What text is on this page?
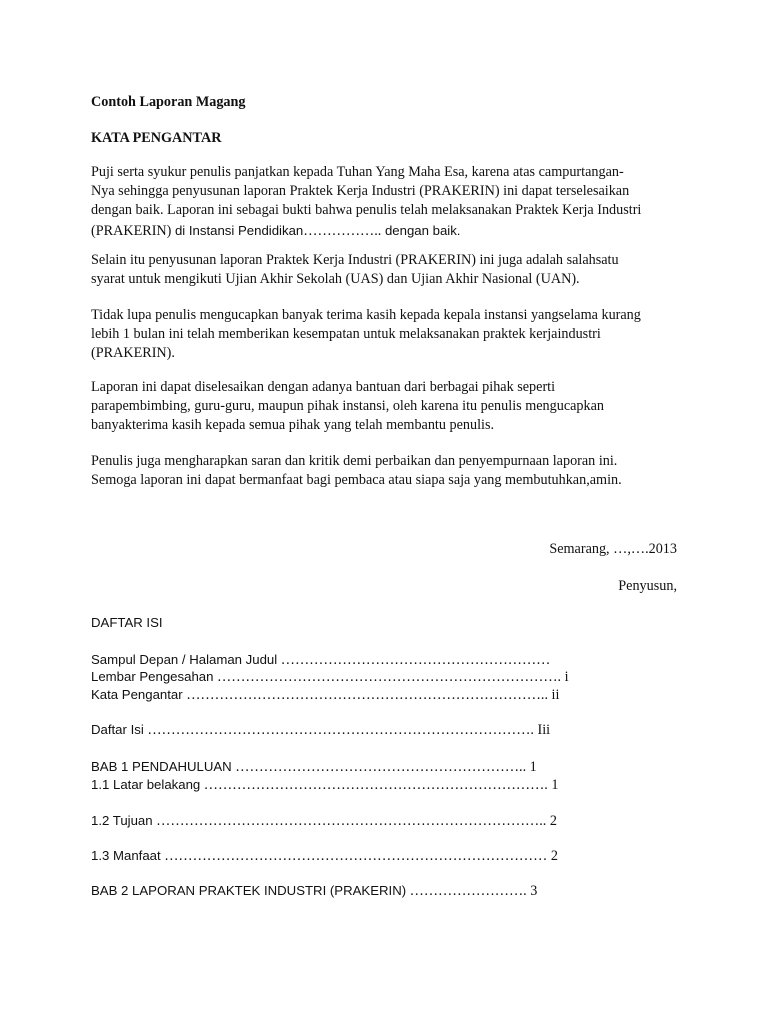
Contoh Laporan Magang
KATA PENGANTAR

Puji serta syukur penulis panjatkan kepada Tuhan Yang Maha Esa, karena atas campurtangan-
Nya sehingga penyusunan laporan Praktek Kerja Industri (PRAKERIN) ini dapat terselesaikan
dengan baik. Laporan ini sebagai bukti bahwa penulis telah melaksanakan Praktek Kerja Industri
(PRAKERIN) di Instansi Pendidikan…………….. dengan baik.

Selain itu penyusunan laporan Praktek Kerja Industri (PRAKERIN) ini juga adalah salahsatu
syarat untuk mengikuti Ujian Akhir Sekolah (UAS) dan Ujian Akhir Nasional (UAN).

Tidak lupa penulis mengucapkan banyak terima kasih kepada kepala instansi yangselama kurang
lebih 1 bulan ini telah memberikan kesempatan untuk melaksanakan praktek kerjaindustri
(PRAKERIN).

Laporan ini dapat diselesaikan dengan adanya bantuan dari berbagai pihak seperti
parapembimbing, guru-guru, maupun pihak instansi, oleh karena itu penulis mengucapkan
banyakterima kasih kepada semua pihak yang telah membantu penulis.

Penulis juga mengharapkan saran dan kritik demi perbaikan dan penyempurnaan laporan ini.
Semoga laporan ini dapat bermanfaat bagi pembaca atau siapa saja yang membutuhkan,amin.

Semarang, …,….2013

Penyusun,

DAFTAR ISI

Sampul Depan / Halaman Judul …………………………………………………

Lembar Pengesahan ………………………………………………………………. i

Kata Pengantar ………………………………………………………………….. ii

Daftar Isi ………………………………………………………………………. Iii

BAB 1 PENDAHULUAN …………………………………………………….. 1

1.1 Latar belakang ………………………………………………………………. 1

1.2 Tujuan ……………………………………………………………………….. 2

1.3 Manfaat ……………………………………………………………………… 2

BAB 2 LAPORAN PRAKTEK INDUSTRI (PRAKERIN) ……………………. 3
